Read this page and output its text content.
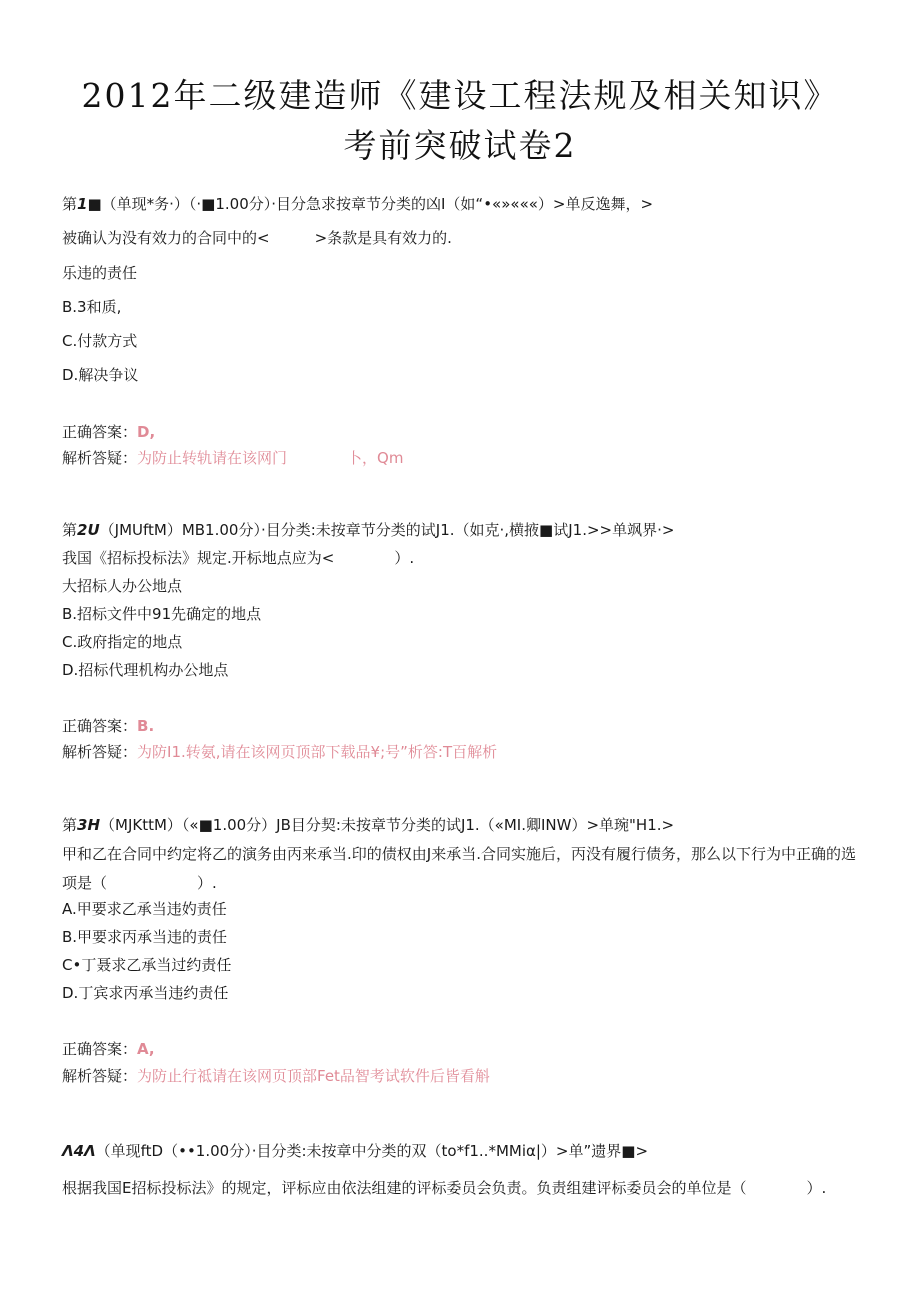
2012年二级建造师《建设工程法规及相关知识》
考前突破试卷2
第1■（单现*务·）（·■1.00分）·目分急求按章节分类的凶I（如“•«»«««）>单反逸舞，>
被确认为没有效力的合同中的<　　　>条款是具有效力的.
乐违的责任
B.3和质,
C.付款方式
D.解决争议
正确答案：D,
解析答疑：为防止转轨请在该网门　　　　卜，Qm
第2U（JMUftM）MB1.00分）·目分类:未按章节分类的试J1.（如克·,横掖■试J1.>>单飒界·>
我国《招标投标法》规定.开标地点应为<　　　　）.
大招标人办公地点
B.招标文件中91先确定的地点
C.政府指定的地点
D.招标代理机构办公地点
正确答案：B.
解析答疑：为防I1.转氨,请在该网页顶部下载品¥;号”析答:T百解析
第3H（MJKttM）（«■1.00分）JB目分契:未按章节分类的试J1.（«MI.卿INW）>单琬"H1.>
甲和乙在合同中约定将乙的演务由丙来承当.印的债权由J来承当.合同实施后，丙没有履行债务，那么以下行为中正确的选项是（　　　　　　）.
A.甲要求乙承当违妁责任
B.甲要求丙承当违的责任
C•丁聂求乙承当过约责任
D.丁宾求丙承当违约责任
正确答案：A,
解析答疑：为防止行祗请在该网页顶部Fet品智考试软件后皆看斛
Λ4Λ（单现ftD（••1.00分）·目分类:未按章中分类的双（to*f1..*MMiα|）>单”遗界■>
根据我国E招标投标法》的规定，评标应由依法组建的评标委员会负责。负责组建评标委员会的单位是（　　　　）.
